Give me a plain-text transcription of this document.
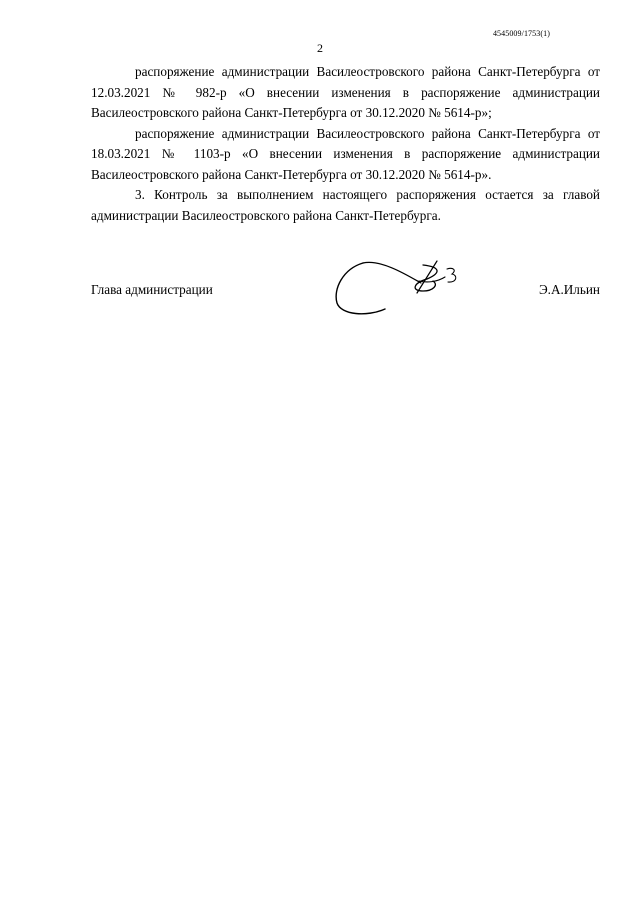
4545009/1753(1)
2

распоряжение администрации Василеостровского района Санкт-Петербурга от 12.03.2021 № 982-р «О внесении изменения в распоряжение администрации Василеостровского района Санкт-Петербурга от 30.12.2020 № 5614-р»;

распоряжение администрации Василеостровского района Санкт-Петербурга от 18.03.2021 № 1103-р «О внесении изменения в распоряжение администрации Василеостровского района Санкт-Петербурга от 30.12.2020 № 5614-р».

3. Контроль за выполнением настоящего распоряжения остается за главой администрации Василеостровского района Санкт-Петербурга.

Глава администрации	Э.А.Ильин
